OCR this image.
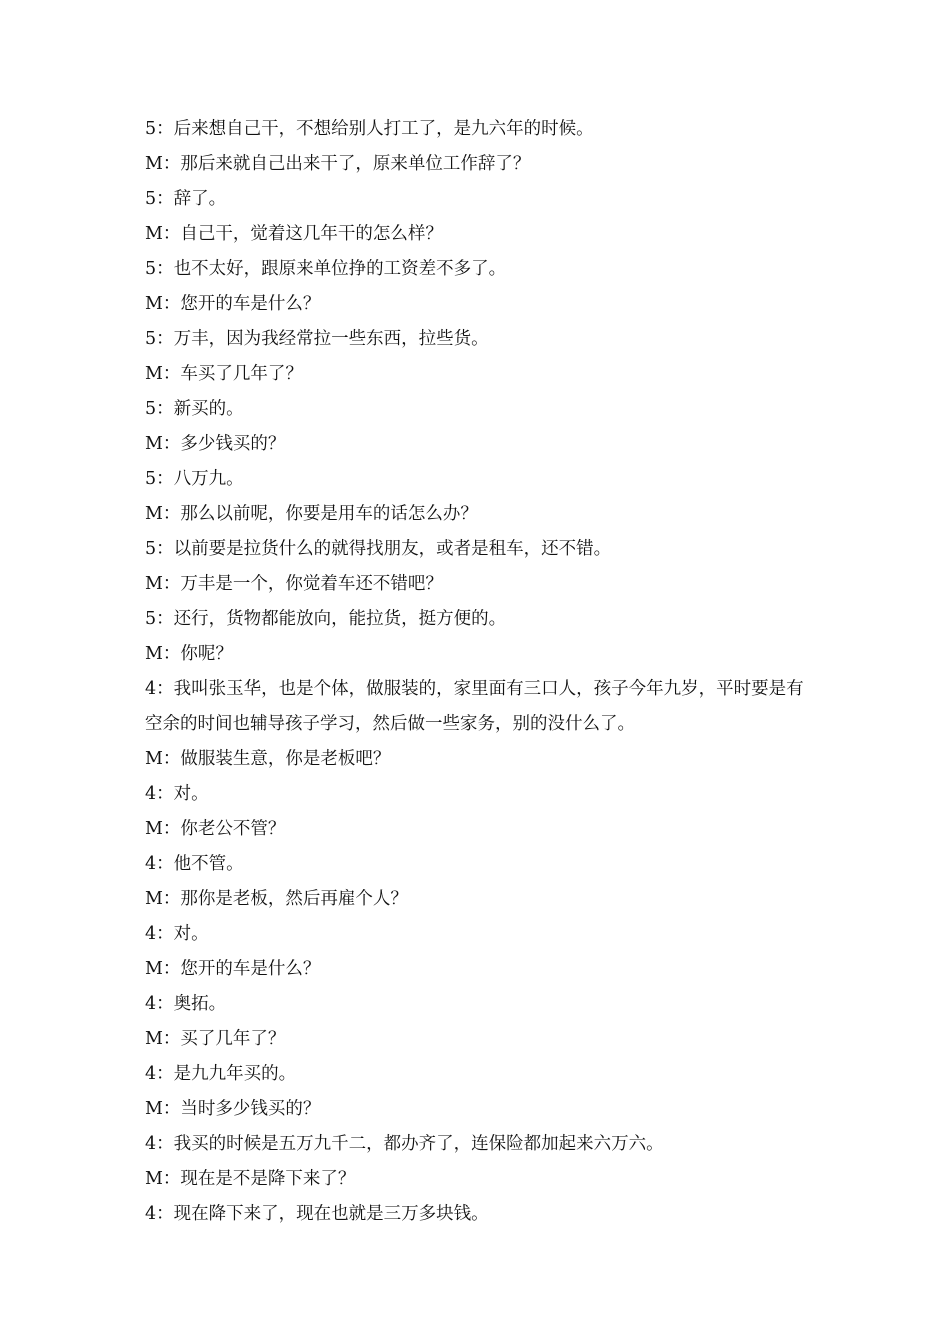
5：后来想自己干，不想给别人打工了，是九六年的时候。

M：那后来就自己出来干了，原来单位工作辞了？

5：辞了。

M：自己干，觉着这几年干的怎么样？

5：也不太好，跟原来单位挣的工资差不多了。

M：您开的车是什么？

5：万丰，因为我经常拉一些东西，拉些货。

M：车买了几年了？

5：新买的。

M：多少钱买的？

5：八万九。

M：那么以前呢，你要是用车的话怎么办？

5：以前要是拉货什么的就得找朋友，或者是租车，还不错。

M：万丰是一个，你觉着车还不错吧？

5：还行，货物都能放向，能拉货，挺方便的。

M：你呢？

4：我叫张玉华，也是个体，做服装的，家里面有三口人，孩子今年九岁，平时要是有空余的时间也辅导孩子学习，然后做一些家务，别的没什么了。

M：做服装生意，你是老板吧？

4：对。

M：你老公不管？

4：他不管。

M：那你是老板，然后再雇个人？

4：对。

M：您开的车是什么？

4：奥拓。

M：买了几年了？

4：是九九年买的。

M：当时多少钱买的？

4：我买的时候是五万九千二，都办齐了，连保险都加起来六万六。

M：现在是不是降下来了？

4：现在降下来了，现在也就是三万多块钱。
